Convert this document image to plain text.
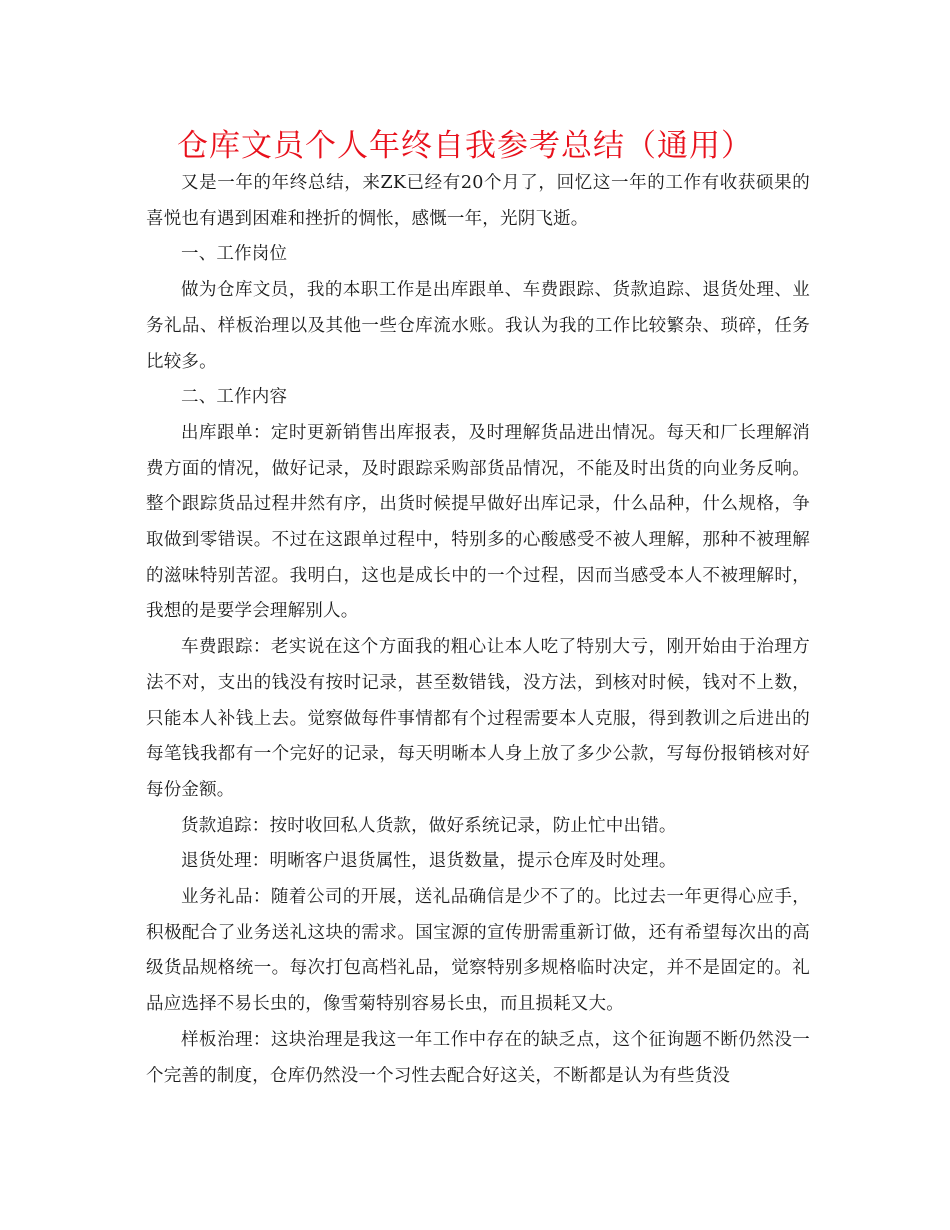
仓库文员个人年终自我参考总结（通用）

又是一年的年终总结，来ZK已经有20个月了，回忆这一年的工作有收获硕果的喜悦也有遇到困难和挫折的惆怅，感慨一年，光阴飞逝。

一、工作岗位

做为仓库文员，我的本职工作是出库跟单、车费跟踪、货款追踪、退货处理、业务礼品、样板治理以及其他一些仓库流水账。我认为我的工作比较繁杂、琐碎，任务比较多。

二、工作内容

出库跟单：定时更新销售出库报表，及时理解货品进出情况。每天和厂长理解消费方面的情况，做好记录，及时跟踪采购部货品情况，不能及时出货的向业务反响。整个跟踪货品过程井然有序，出货时候提早做好出库记录，什么品种，什么规格，争取做到零错误。不过在这跟单过程中，特别多的心酸感受不被人理解，那种不被理解的滋味特别苦涩。我明白，这也是成长中的一个过程，因而当感受本人不被理解时，我想的是要学会理解别人。

车费跟踪：老实说在这个方面我的粗心让本人吃了特别大亏，刚开始由于治理方法不对，支出的钱没有按时记录，甚至数错钱，没方法，到核对时候，钱对不上数，只能本人补钱上去。觉察做每件事情都有个过程需要本人克服，得到教训之后进出的每笔钱我都有一个完好的记录，每天明晰本人身上放了多少公款，写每份报销核对好每份金额。

货款追踪：按时收回私人货款，做好系统记录，防止忙中出错。

退货处理：明晰客户退货属性，退货数量，提示仓库及时处理。

业务礼品：随着公司的开展，送礼品确信是少不了的。比过去一年更得心应手，积极配合了业务送礼这块的需求。国宝源的宣传册需重新订做，还有希望每次出的高级货品规格统一。每次打包高档礼品，觉察特别多规格临时决定，并不是固定的。礼品应选择不易长虫的，像雪菊特别容易长虫，而且损耗又大。

样板治理：这块治理是我这一年工作中存在的缺乏点，这个征询题不断仍然没一个完善的制度，仓库仍然没一个习性去配合好这关，不断都是认为有些货没
